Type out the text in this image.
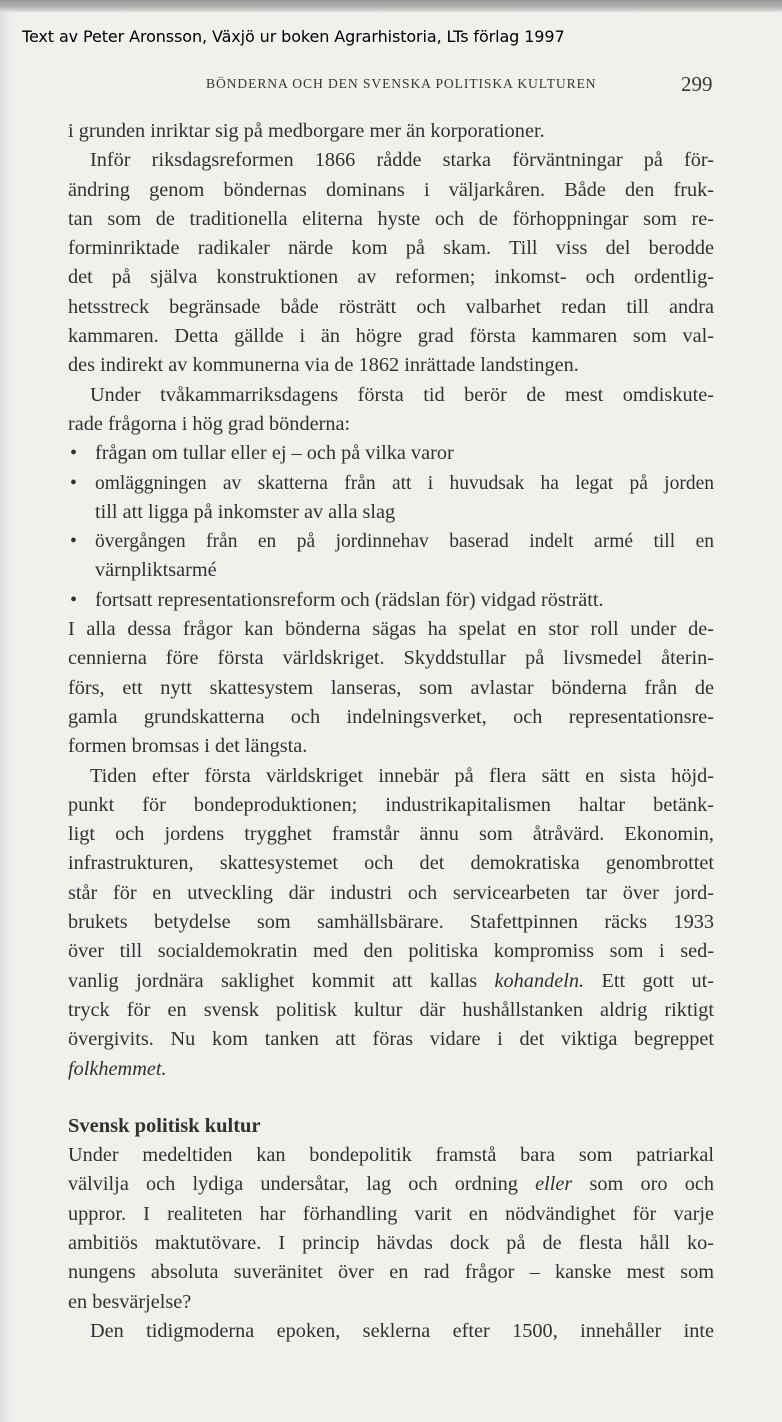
Text av Peter Aronsson, Växjö ur boken Agrarhistoria, LTs förlag 1997
BÖNDERNA OCH DEN SVENSKA POLITISKA KULTUREN	299
i grunden inriktar sig på medborgare mer än korporationer.
Inför riksdagsreformen 1866 rådde starka förväntningar på för-
ändring genom böndernas dominans i väljarkåren. Både den fruk-
tan som de traditionella eliterna hyste och de förhoppningar som re-
forminriktade radikaler närde kom på skam. Till viss del berodde
det på själva konstruktionen av reformen; inkomst- och ordentlig-
hetsstreck begränsade både rösträtt och valbarhet redan till andra
kammaren. Detta gällde i än högre grad första kammaren som val-
des indirekt av kommunerna via de 1862 inrättade landstingen.
Under tvåkammarriksdagens första tid berör de mest omdiskute-
rade frågorna i hög grad bönderna:
• frågan om tullar eller ej – och på vilka varor
• omläggningen av skatterna från att i huvudsak ha legat på jorden
till att ligga på inkomster av alla slag
• övergången från en på jordinnehav baserad indelt armé till en
värnpliktsarmé
• fortsatt representationsreform och (rädslan för) vidgad rösträtt.
I alla dessa frågor kan bönderna sägas ha spelat en stor roll under de-
cennierna före första världskriget. Skyddstullar på livsmedel återin-
förs, ett nytt skattesystem lanseras, som avlastar bönderna från de
gamla grundskatterna och indelningsverket, och representationsre-
formen bromsas i det längsta.
Tiden efter första världskriget innebär på flera sätt en sista höjd-
punkt för bondeproduktionen; industrikapitalismen haltar betänk-
ligt och jordens trygghet framstår ännu som åtråvärd. Ekonomin,
infrastrukturen, skattesystemet och det demokratiska genombrottet
står för en utveckling där industri och servicearbeten tar över jord-
brukets betydelse som samhällsbärare. Stafettpinnen räcks 1933
över till socialdemokratin med den politiska kompromiss som i sed-
vanlig jordnära saklighet kommit att kallas kohandeln. Ett gott ut-
tryck för en svensk politisk kultur där hushållstanken aldrig riktigt
övergivits. Nu kom tanken att föras vidare i det viktiga begreppet
folkhemmet.
Svensk politisk kultur
Under medeltiden kan bondepolitik framstå bara som patriarkal
välvilja och lydiga undersåtar, lag och ordning eller som oro och
uppror. I realiteten har förhandling varit en nödvändighet för varje
ambitiös maktutövare. I princip hävdas dock på de flesta håll ko-
nungens absoluta suveränitet över en rad frågor – kanske mest som
en besvärjelse?
Den tidigmoderna epoken, seklerna efter 1500, innehåller inte
